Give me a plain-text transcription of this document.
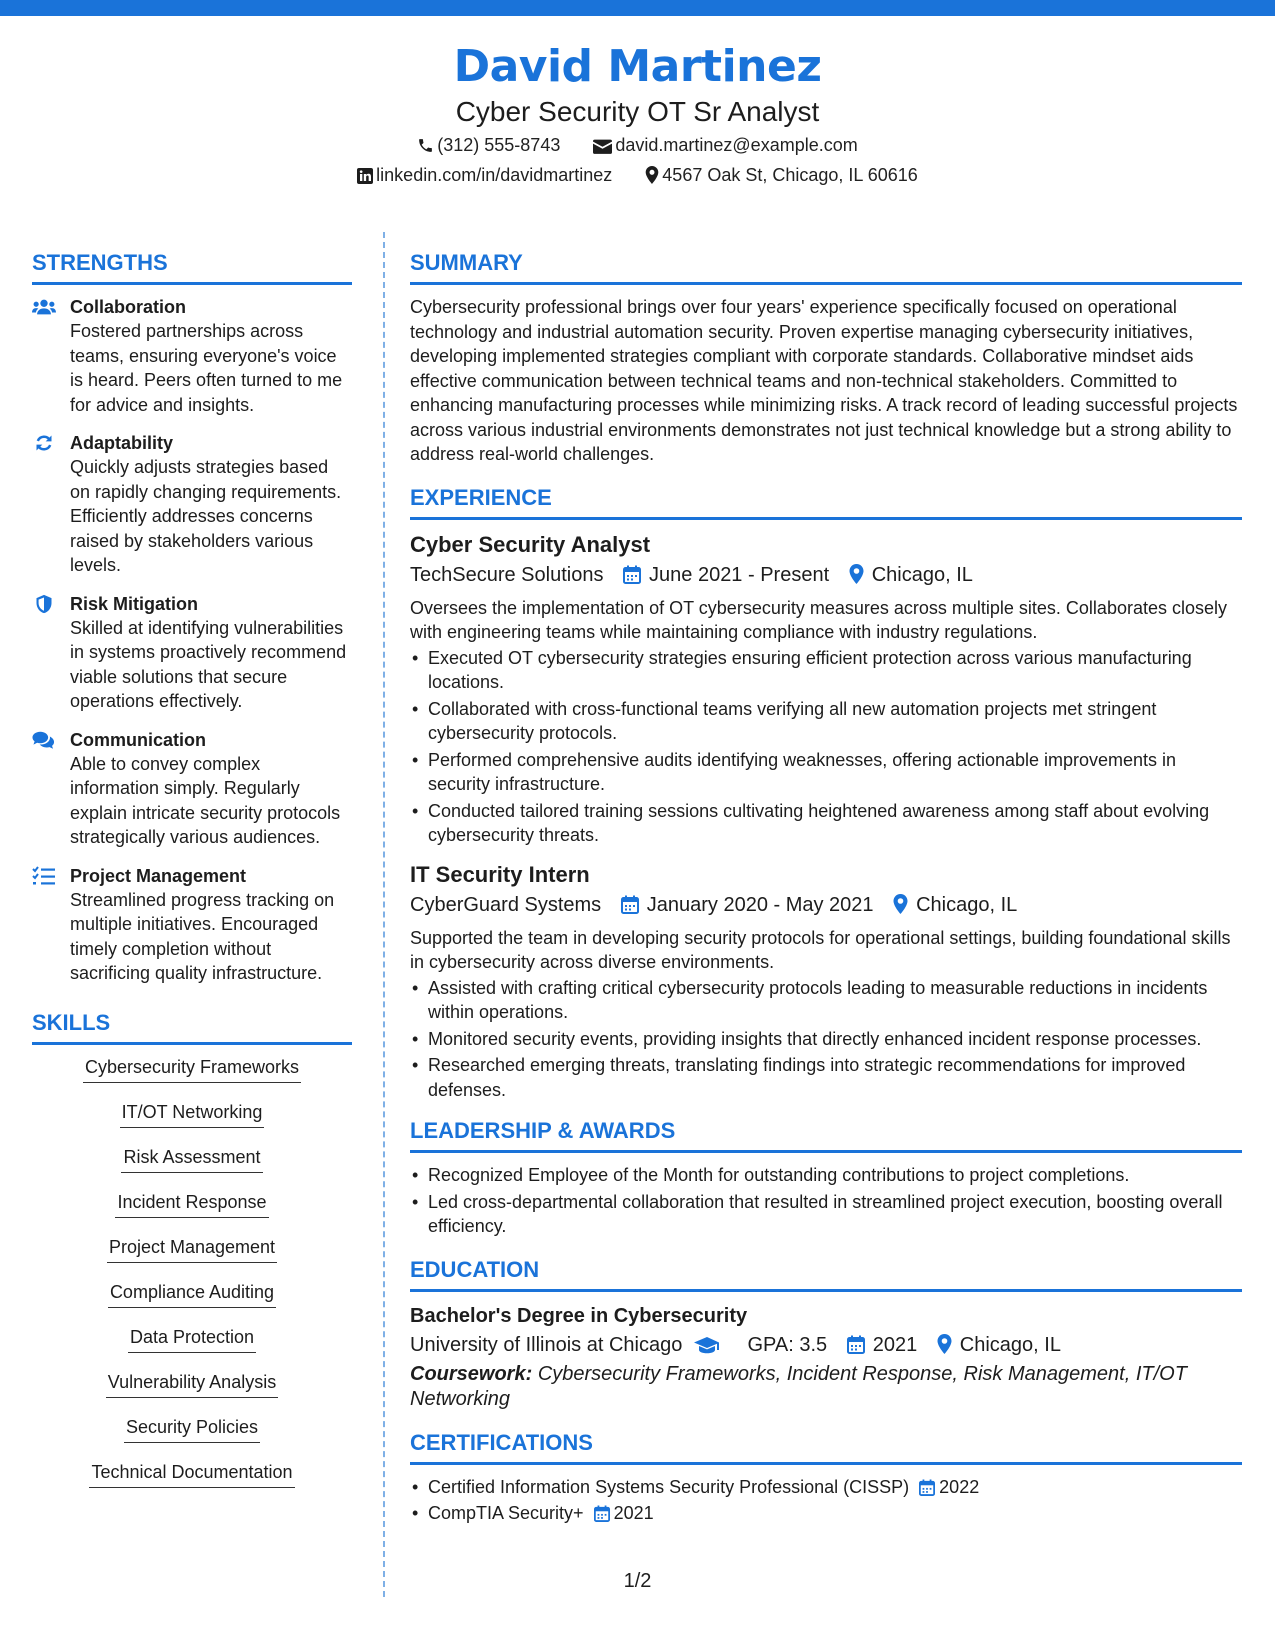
David Martinez
Cyber Security OT Sr Analyst
(312) 555-8743	david.martinez@example.com
linkedin.com/in/davidmartinez	4567 Oak St, Chicago, IL 60616
STRENGTHS
Collaboration
Fostered partnerships across teams, ensuring everyone's voice is heard. Peers often turned to me for advice and insights.
Adaptability
Quickly adjusts strategies based on rapidly changing requirements. Efficiently addresses concerns raised by stakeholders various levels.
Risk Mitigation
Skilled at identifying vulnerabilities in systems proactively recommend viable solutions that secure operations effectively.
Communication
Able to convey complex information simply. Regularly explain intricate security protocols strategically various audiences.
Project Management
Streamlined progress tracking on multiple initiatives. Encouraged timely completion without sacrificing quality infrastructure.
SKILLS
Cybersecurity Frameworks
IT/OT Networking
Risk Assessment
Incident Response
Project Management
Compliance Auditing
Data Protection
Vulnerability Analysis
Security Policies
Technical Documentation
SUMMARY
Cybersecurity professional brings over four years' experience specifically focused on operational technology and industrial automation security. Proven expertise managing cybersecurity initiatives, developing implemented strategies compliant with corporate standards. Collaborative mindset aids effective communication between technical teams and non-technical stakeholders. Committed to enhancing manufacturing processes while minimizing risks. A track record of leading successful projects across various industrial environments demonstrates not just technical knowledge but a strong ability to address real-world challenges.
EXPERIENCE
Cyber Security Analyst
TechSecure Solutions June 2021 - Present Chicago, IL
Oversees the implementation of OT cybersecurity measures across multiple sites. Collaborates closely with engineering teams while maintaining compliance with industry regulations.
• Executed OT cybersecurity strategies ensuring efficient protection across various manufacturing locations.
• Collaborated with cross-functional teams verifying all new automation projects met stringent cybersecurity protocols.
• Performed comprehensive audits identifying weaknesses, offering actionable improvements in security infrastructure.
• Conducted tailored training sessions cultivating heightened awareness among staff about evolving cybersecurity threats.
IT Security Intern
CyberGuard Systems January 2020 - May 2021 Chicago, IL
Supported the team in developing security protocols for operational settings, building foundational skills in cybersecurity across diverse environments.
• Assisted with crafting critical cybersecurity protocols leading to measurable reductions in incidents within operations.
• Monitored security events, providing insights that directly enhanced incident response processes.
• Researched emerging threats, translating findings into strategic recommendations for improved defenses.
LEADERSHIP & AWARDS
• Recognized Employee of the Month for outstanding contributions to project completions.
• Led cross-departmental collaboration that resulted in streamlined project execution, boosting overall efficiency.
EDUCATION
Bachelor's Degree in Cybersecurity
University of Illinois at Chicago	GPA: 3.5 2021 Chicago, IL
Coursework: Cybersecurity Frameworks, Incident Response, Risk Management, IT/OT Networking
CERTIFICATIONS
• Certified Information Systems Security Professional (CISSP) 2022
• CompTIA Security+ 2021
1/2
